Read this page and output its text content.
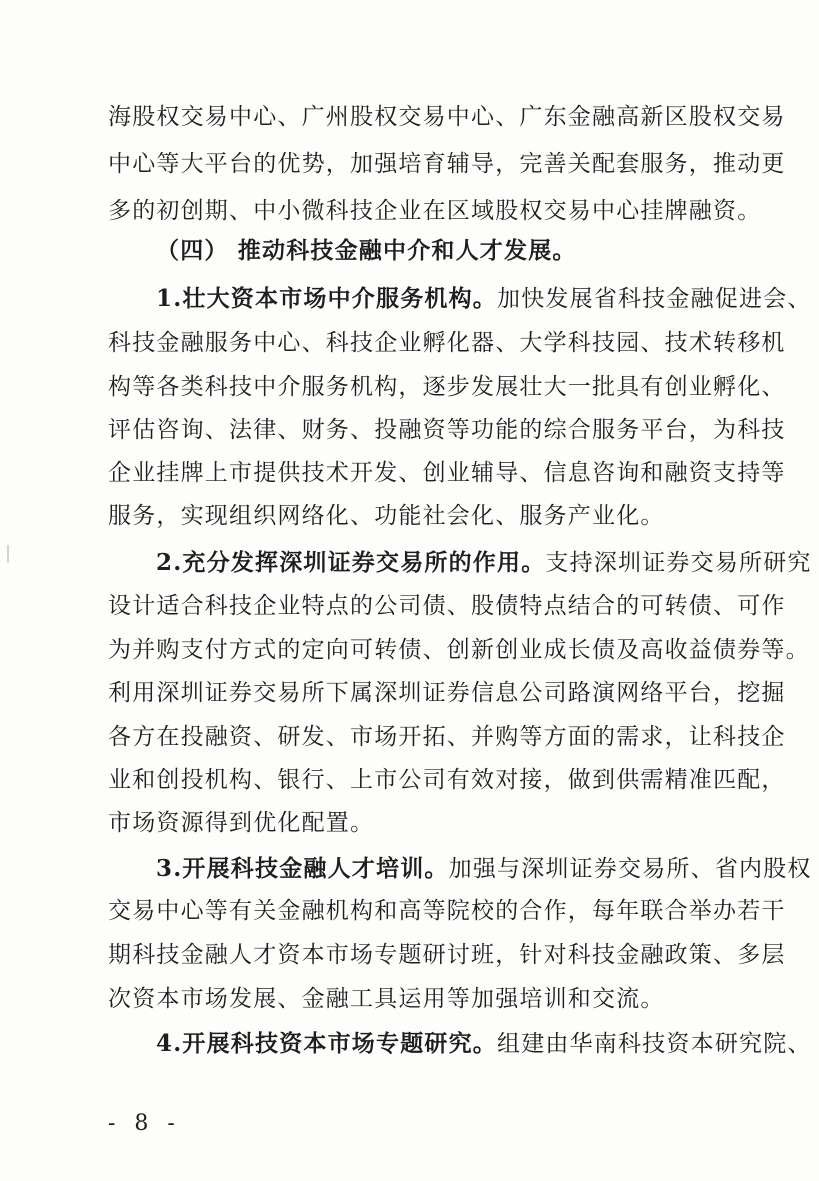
海股权交易中心、广州股权交易中心、广东金融高新区股权交易
中心等大平台的优势，加强培育辅导，完善关配套服务，推动更
多的初创期、中小微科技企业在区域股权交易中心挂牌融资。
（四） 推动科技金融中介和人才发展。
1.壮大资本市场中介服务机构。加快发展省科技金融促进会、
科技金融服务中心、科技企业孵化器、大学科技园、技术转移机
构等各类科技中介服务机构，逐步发展壮大一批具有创业孵化、
评估咨询、法律、财务、投融资等功能的综合服务平台，为科技
企业挂牌上市提供技术开发、创业辅导、信息咨询和融资支持等
服务，实现组织网络化、功能社会化、服务产业化。
2.充分发挥深圳证券交易所的作用。支持深圳证券交易所研究
设计适合科技企业特点的公司债、股债特点结合的可转债、可作
为并购支付方式的定向可转债、创新创业成长债及高收益债券等。
利用深圳证券交易所下属深圳证券信息公司路演网络平台，挖掘
各方在投融资、研发、市场开拓、并购等方面的需求，让科技企
业和创投机构、银行、上市公司有效对接，做到供需精准匹配，
市场资源得到优化配置。
3.开展科技金融人才培训。加强与深圳证券交易所、省内股权
交易中心等有关金融机构和高等院校的合作，每年联合举办若干
期科技金融人才资本市场专题研讨班，针对科技金融政策、多层
次资本市场发展、金融工具运用等加强培训和交流。
4.开展科技资本市场专题研究。组建由华南科技资本研究院、
- 8 -
